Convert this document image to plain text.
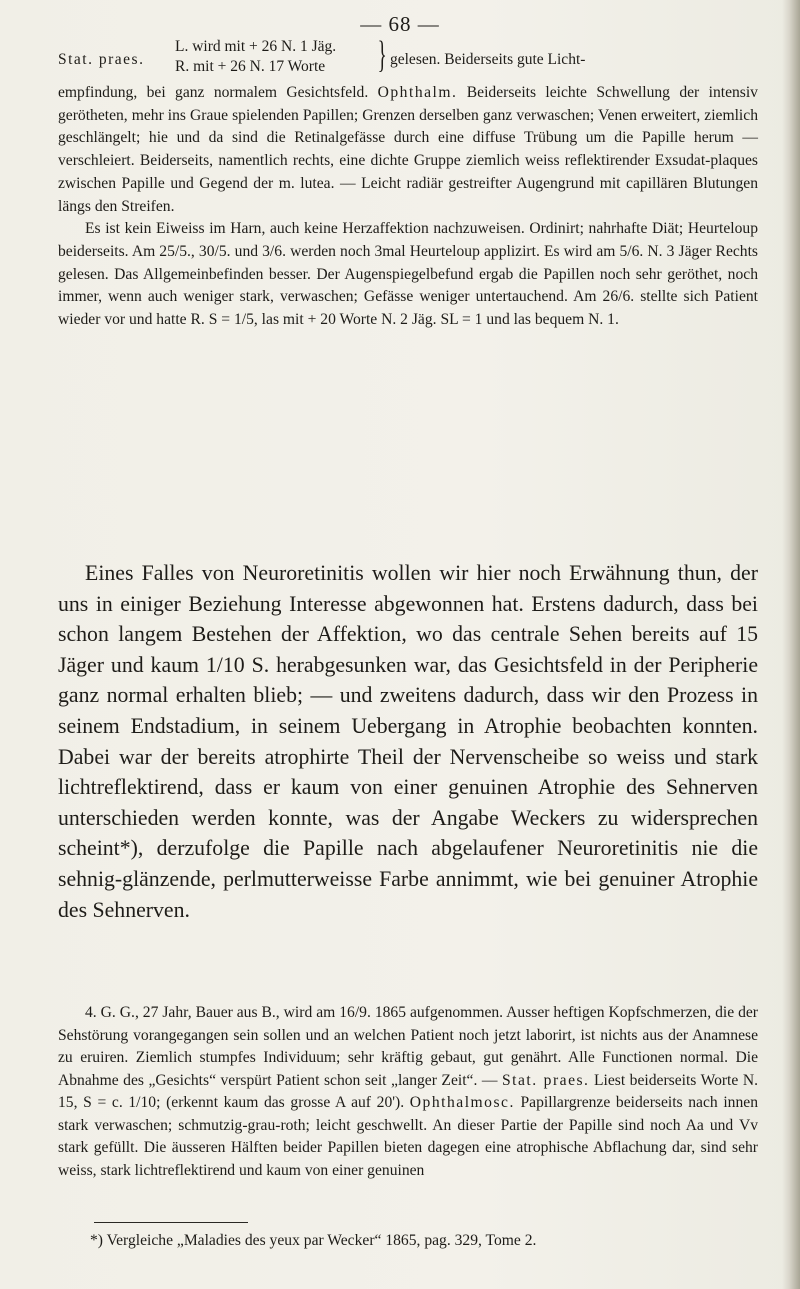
— 68 —
Stat. praes.
L. wird mit + 26 N. 1 Jäg.
R. mit + 26 N. 17 Worte } gelesen. Beiderseits gute Licht-

empfindung, bei ganz normalem Gesichtsfeld. Ophthalm. Beiderseits leichte Schwellung der intensiv gerötheten, mehr ins Graue spielenden Papillen; Grenzen derselben ganz verwaschen; Venen erweitert, ziemlich geschlängelt; hie und da sind die Retinalgefässe durch eine diffuse Trübung um die Papille herum — verschleiert. Beiderseits, namentlich rechts, eine dichte Gruppe ziemlich weiss reflektirender Exsudat-plaques zwischen Papille und Gegend der m. lutea. — Leicht radiär gestreifter Augengrund mit capillären Blutungen längs den Streifen.

Es ist kein Eiweiss im Harn, auch keine Herzaffektion nachzuweisen. Ordinirt; nahrhafte Diät; Heurteloup beiderseits. Am 25/5., 30/5. und 3/6. werden noch 3mal Heurteloup applizirt. Es wird am 5/6. N. 3 Jäger Rechts gelesen. Das Allgemeinbefinden besser. Der Augenspiegelbefund ergab die Papillen noch sehr geröthet, noch immer, wenn auch weniger stark, verwaschen; Gefässe weniger untertauchend. Am 26/6. stellte sich Patient wieder vor und hatte R. S = 1/5, las mit + 20 Worte N. 2 Jäg. SL = 1 und las bequem N. 1.

Eines Falles von Neuroretinitis wollen wir hier noch Erwähnung thun, der uns in einiger Beziehung Interesse abgewonnen hat. Erstens dadurch, dass bei schon langem Bestehen der Affektion, wo das centrale Sehen bereits auf 15 Jäger und kaum 1/10 S. herabgesunken war, das Gesichtsfeld in der Peripherie ganz normal erhalten blieb; — und zweitens dadurch, dass wir den Prozess in seinem Endstadium, in seinem Uebergang in Atrophie beobachten konnten. Dabei war der bereits atrophirte Theil der Nervenscheibe so weiss und stark lichtreflektirend, dass er kaum von einer genuinen Atrophie des Sehnerven unterschieden werden konnte, was der Angabe Weckers zu widersprechen scheint*), derzufolge die Papille nach abgelaufener Neuroretinitis nie die sehnig-glänzende, perlmutterweisse Farbe annimmt, wie bei genuiner Atrophie des Sehnerven.

4. G. G., 27 Jahr, Bauer aus B., wird am 16/9. 1865 aufgenommen. Ausser heftigen Kopfschmerzen, die der Sehstörung vorangegangen sein sollen und an welchen Patient noch jetzt laborirt, ist nichts aus der Anamnese zu eruiren. Ziemlich stumpfes Individuum; sehr kräftig gebaut, gut genährt. Alle Functionen normal. Die Abnahme des „Gesichts“ verspürt Patient schon seit „langer Zeit“. — Stat. praes. Liest beiderseits Worte N. 15, S = c. 1/10; (erkennt kaum das grosse A auf 20'). Ophthalmosc. Papillargrenze beiderseits nach innen stark verwaschen; schmutzig-grau-roth; leicht geschwellt. An dieser Partie der Papille sind noch Aa und Vv stark gefüllt. Die äusseren Hälften beider Papillen bieten dagegen eine atrophische Abflachung dar, sind sehr weiss, stark lichtreflektirend und kaum von einer genuinen

*) Vergleiche „Maladies des yeux par Wecker“ 1865, pag. 329, Tome 2.
